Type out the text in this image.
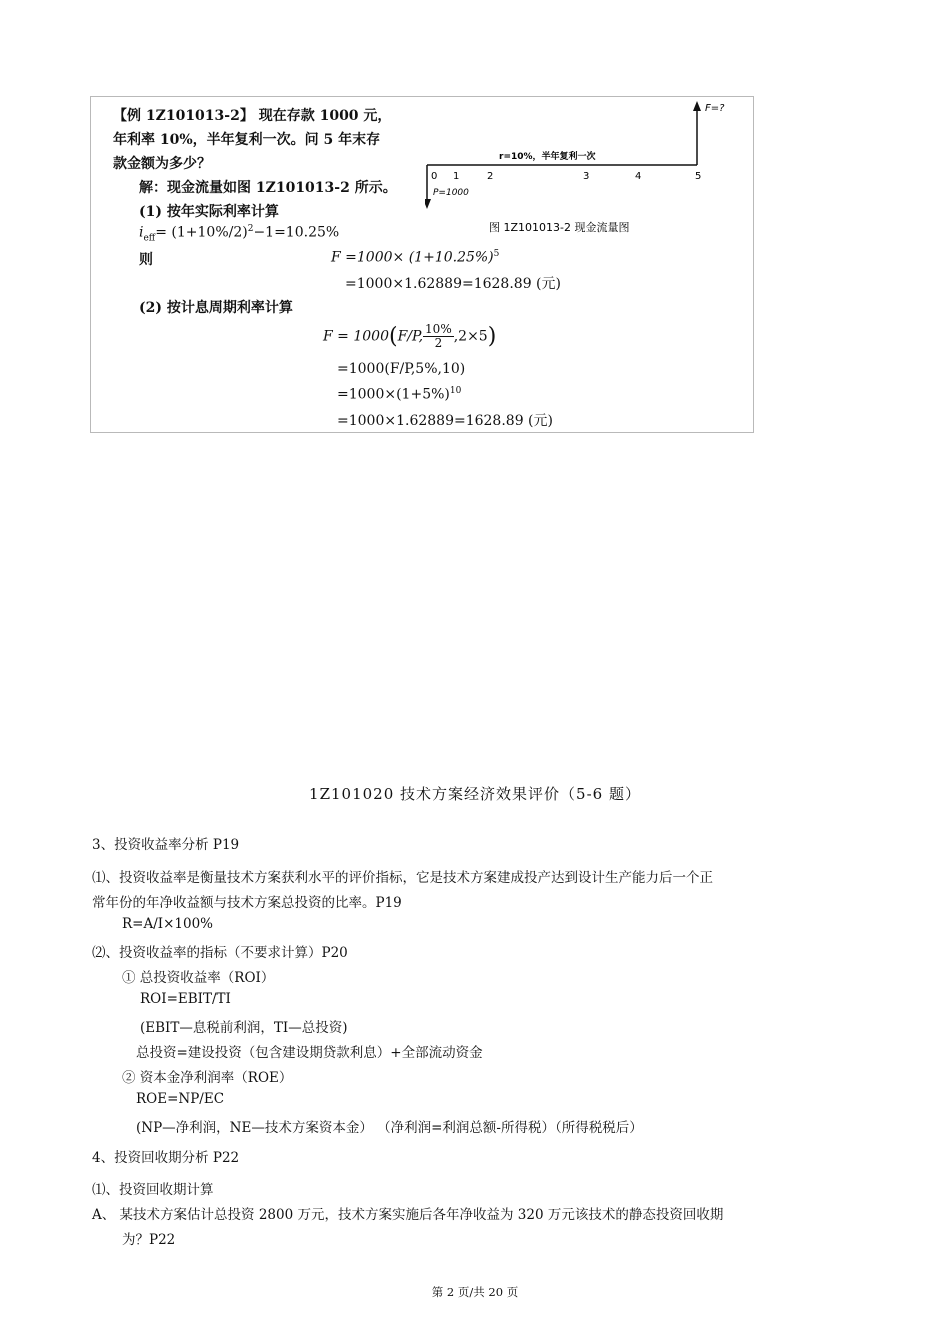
【例 1Z101013-2】 现在存款 1000 元，
年利率 10%，半年复利一次。问 5 年末存
款金额为多少？
解：现金流量如图 1Z101013-2 所示。
(1) 按年实际利率计算
$i_{eff}= (1+10\%/2)^2-1=10.25\%$
则	$F =1000\times (1+10.25\%)^5$
=1000×1.62889=1628.89 (元)
(2) 按计息周期利率计算
F = 1000(F/P, $\frac{10\%}{2} ,2\times 5$)
=1000(F/P,5%,10)
$=1000\times(1+5\%)^{10}$
=1000×1.62889=1628.89 (元)
F=?
r=10%，半年复利一次
0 1	2	3	4	5
P=1000
图 1Z101013-2 现金流量图
1Z101020 技术方案经济效果评价（5-6 题）
3、投资收益率分析 P19
⑴、投资收益率是衡量技术方案获利水平的评价指标，它是技术方案建成投产达到设计生产能力后一个正
常年份的年净收益额与技术方案总投资的比率。P19
R=A/I×100%
⑵、投资收益率的指标（不要求计算）P20
① 总投资收益率（ROI）
ROI=EBIT/TI
(EBIT—息税前利润，TI—总投资)
总投资=建设投资（包含建设期贷款利息）+全部流动资金
② 资本金净利润率（ROE）
ROE=NP/EC
(NP—净利润，NE—技术方案资本金） （净利润=利润总额-所得税）（所得税税后）
4、投资回收期分析 P22
⑴、投资回收期计算
A、 某技术方案估计总投资 2800 万元，技术方案实施后各年净收益为 320 万元该技术的静态投资回收期
为？P22
第 2 页/共 20 页
